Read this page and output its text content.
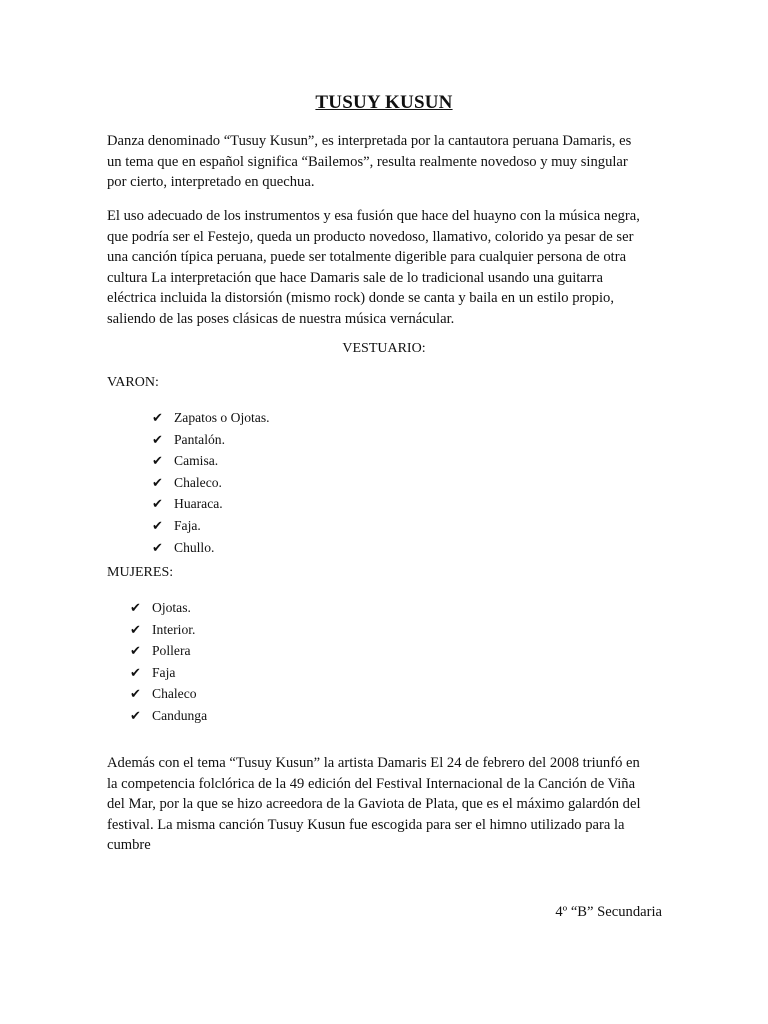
TUSUY KUSUN

Danza denominado “Tusuy Kusun”, es interpretada por la cantautora peruana Damaris, es
un tema que en español significa “Bailemos”, resulta realmente novedoso y muy singular
por cierto, interpretado en quechua.

El uso adecuado de los instrumentos y esa fusión que hace del huayno con la música negra,
que podría ser el Festejo, queda un producto novedoso, llamativo, colorido ya pesar de ser
una canción típica peruana, puede ser totalmente digerible para cualquier persona de otra
cultura La interpretación que hace Damaris sale de lo tradicional usando una guitarra
eléctrica incluida la distorsión (mismo rock) donde se canta y baila en un estilo propio,
saliendo de las poses clásicas de nuestra música vernácular.

VESTUARIO:

VARON:

✔ Zapatos o Ojotas.
✔ Pantalón.
✔ Camisa.
✔ Chaleco.
✔ Huaraca.
✔ Faja.
✔ Chullo.

MUJERES:

✔ Ojotas.
✔ Interior.
✔ Pollera
✔ Faja
✔ Chaleco
✔ Candunga

Además con el tema “Tusuy Kusun” la artista Damaris El 24 de febrero del 2008 triunfó en
la competencia folclórica de la 49 edición del Festival Internacional de la Canción de Viña
del Mar, por la que se hizo acreedora de la Gaviota de Plata, que es el máximo galardón del
festival. La misma canción Tusuy Kusun fue escogida para ser el himno utilizado para la
cumbre

4º “B” Secundaria
